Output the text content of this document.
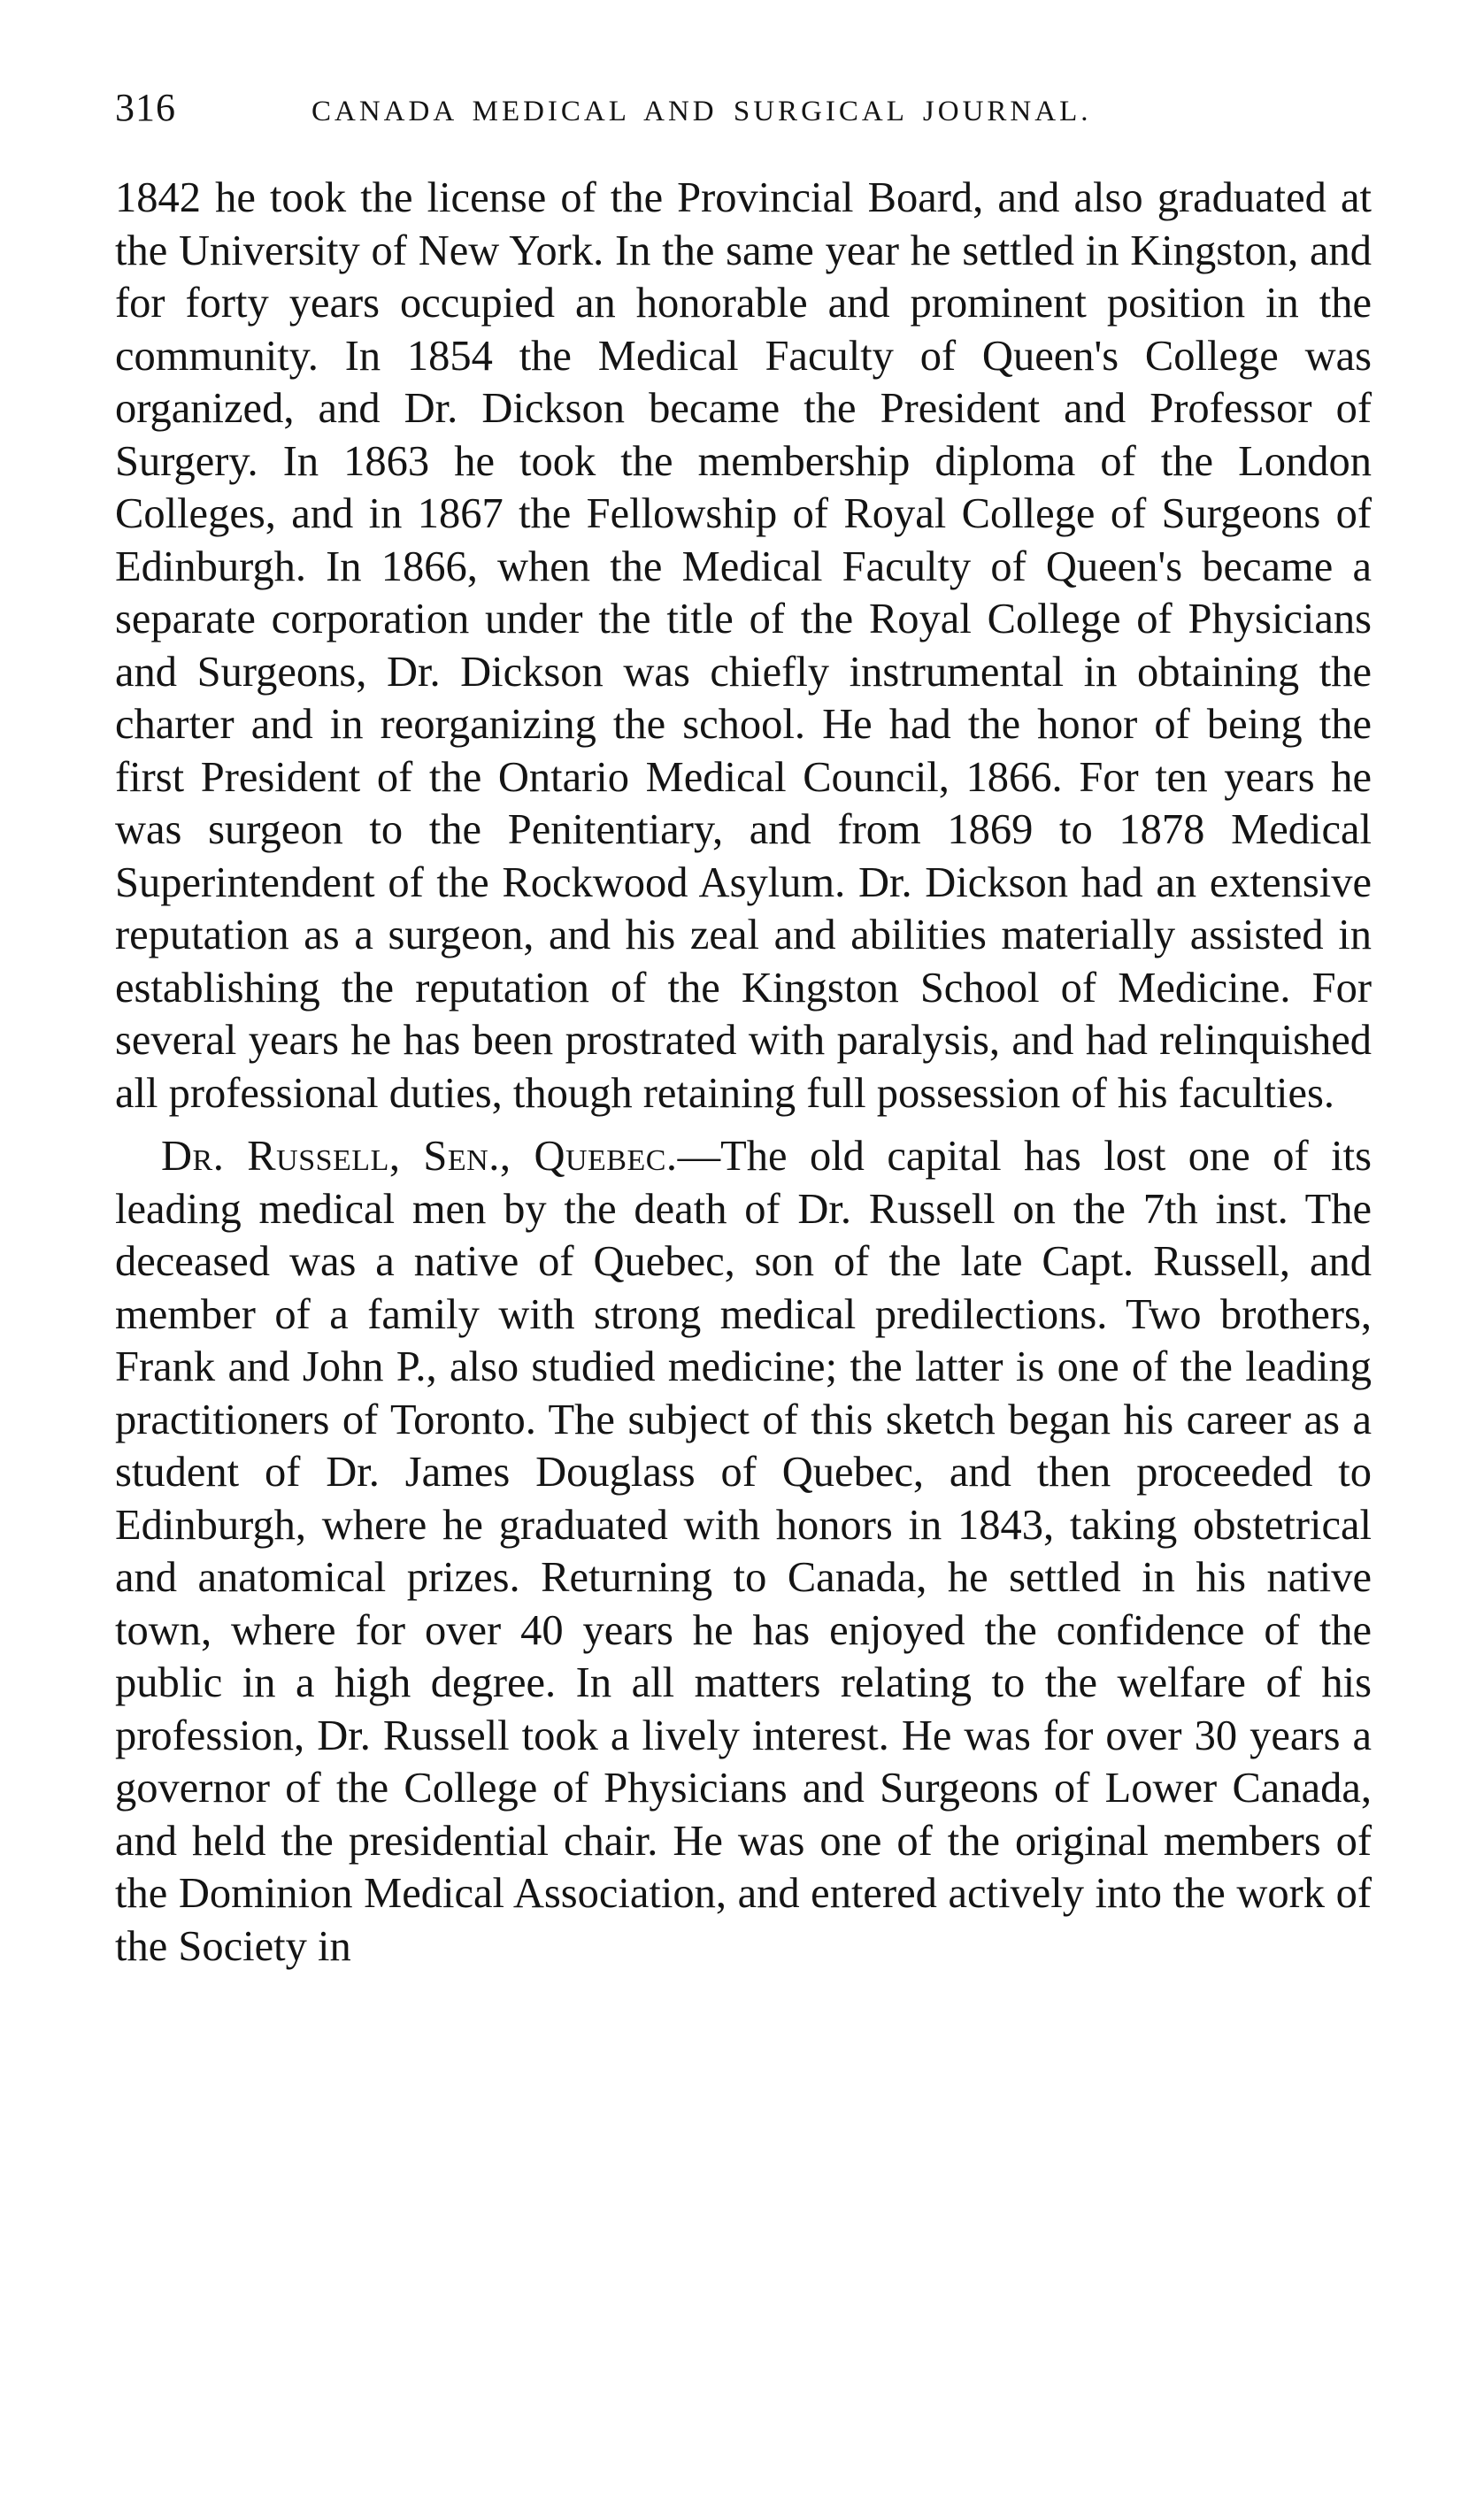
316	CANADA MEDICAL AND SURGICAL JOURNAL.

1842 he took the license of the Provincial Board, and also graduated at the University of New York. In the same year he settled in Kingston, and for forty years occupied an honorable and prominent position in the community. In 1854 the Medical Faculty of Queen's College was organized, and Dr. Dickson became the President and Professor of Surgery. In 1863 he took the membership diploma of the London Colleges, and in 1867 the Fellowship of Royal College of Surgeons of Edinburgh. In 1866, when the Medical Faculty of Queen's became a separate corporation under the title of the Royal College of Physicians and Surgeons, Dr. Dickson was chiefly instrumental in obtaining the charter and in reorganizing the school. He had the honor of being the first President of the Ontario Medical Council, 1866. For ten years he was surgeon to the Penitentiary, and from 1869 to 1878 Medical Superintendent of the Rockwood Asylum. Dr. Dickson had an extensive reputation as a surgeon, and his zeal and abilities materially assisted in establishing the reputation of the Kingston School of Medicine. For several years he has been prostrated with paralysis, and had relinquished all professional duties, though retaining full possession of his faculties.

Dr. Russell, Sen., Quebec.—The old capital has lost one of its leading medical men by the death of Dr. Russell on the 7th inst. The deceased was a native of Quebec, son of the late Capt. Russell, and member of a family with strong medical predilections. Two brothers, Frank and John P., also studied medicine; the latter is one of the leading practitioners of Toronto. The subject of this sketch began his career as a student of Dr. James Douglass of Quebec, and then proceeded to Edinburgh, where he graduated with honors in 1843, taking obstetrical and anatomical prizes. Returning to Canada, he settled in his native town, where for over 40 years he has enjoyed the confidence of the public in a high degree. In all matters relating to the welfare of his profession, Dr. Russell took a lively interest. He was for over 30 years a governor of the College of Physicians and Surgeons of Lower Canada, and held the presidential chair. He was one of the original members of the Dominion Medical Association, and entered actively into the work of the Society in
